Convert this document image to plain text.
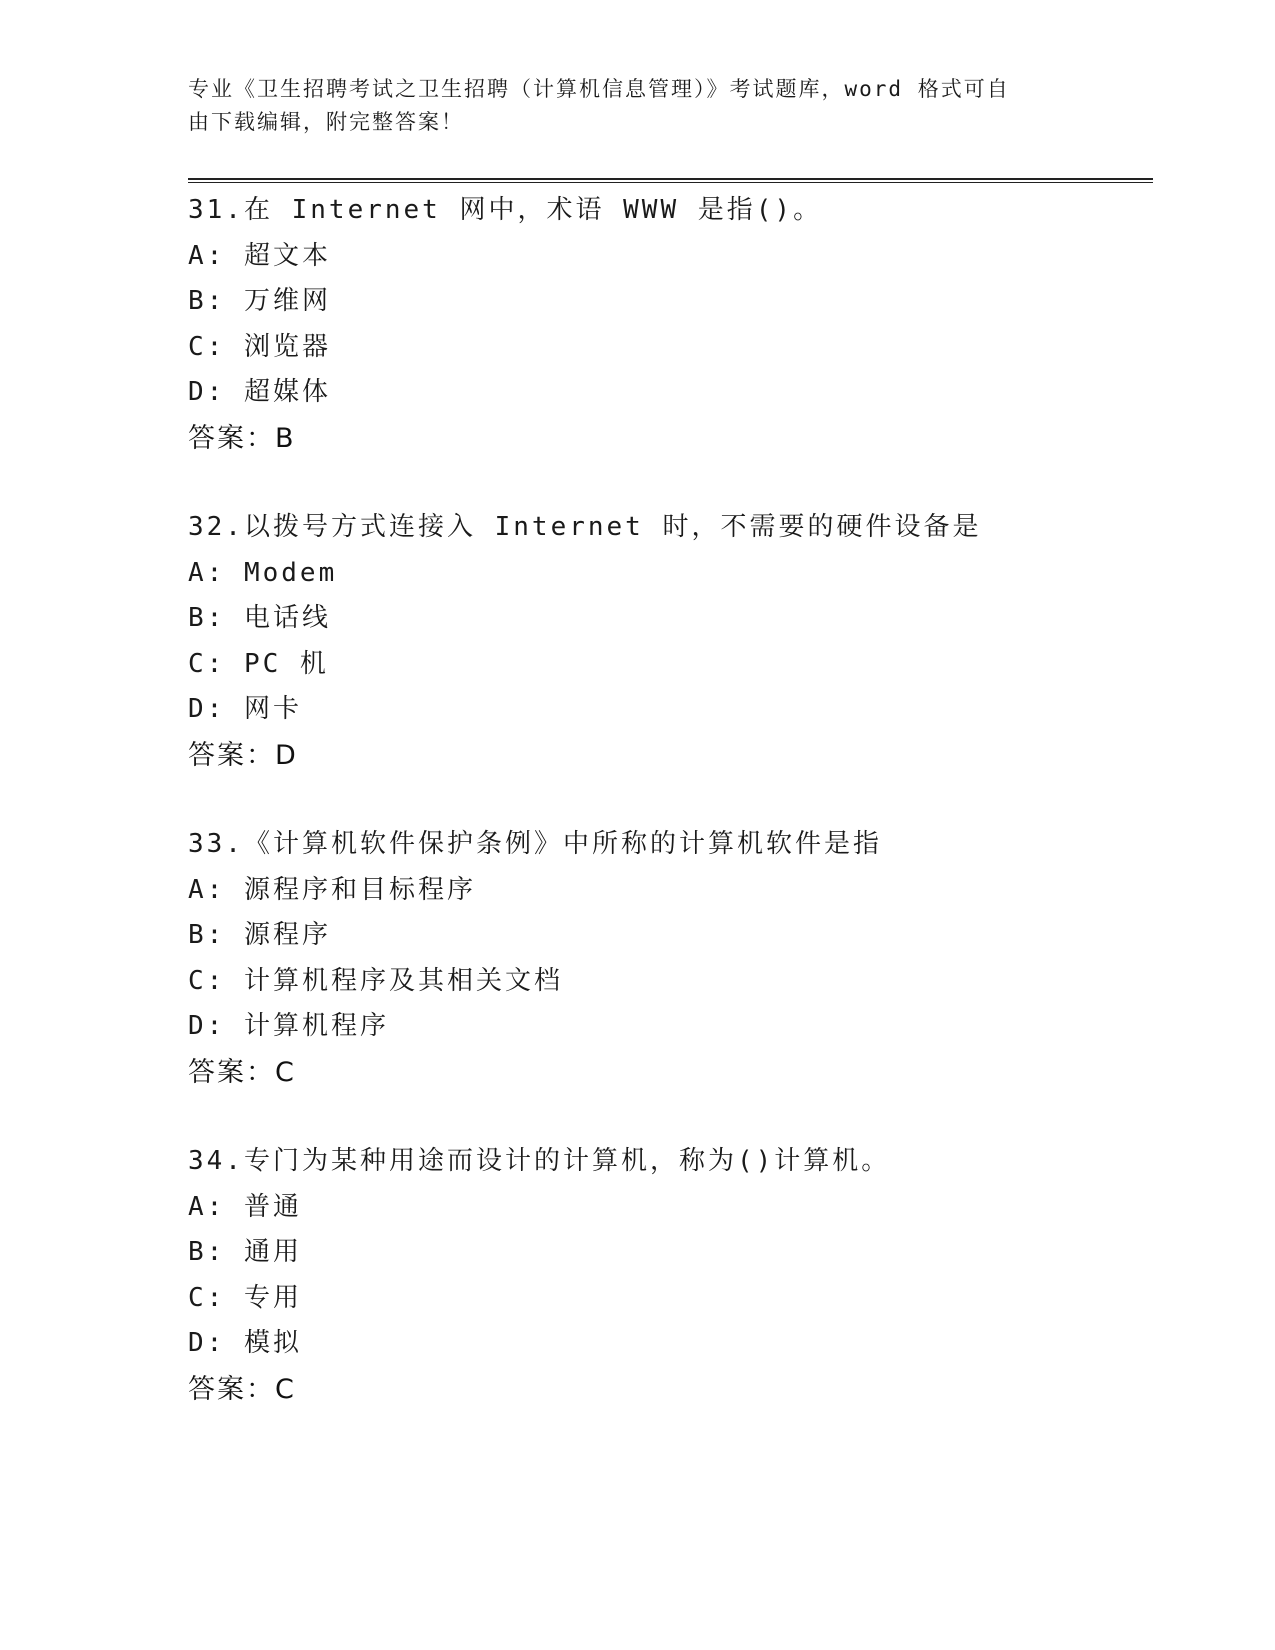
专业《卫生招聘考试之卫生招聘（计算机信息管理）》考试题库，word 格式可自
由下载编辑，附完整答案！
31.在 Internet 网中，术语 WWW 是指()。
A: 超文本
B: 万维网
C: 浏览器
D: 超媒体
答案：B
32.以拨号方式连接入 Internet 时，不需要的硬件设备是
A: Modem
B: 电话线
C: PC 机
D: 网卡
答案：D
33.《计算机软件保护条例》中所称的计算机软件是指
A: 源程序和目标程序
B: 源程序
C: 计算机程序及其相关文档
D: 计算机程序
答案：C
34.专门为某种用途而设计的计算机，称为()计算机。
A: 普通
B: 通用
C: 专用
D: 模拟
答案：C
